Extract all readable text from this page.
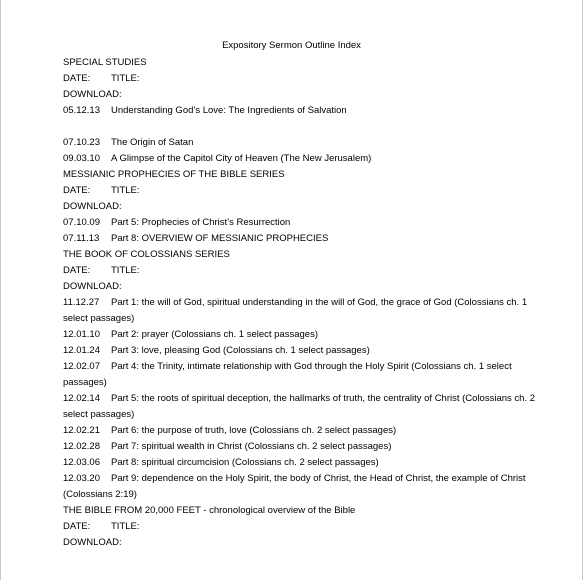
Expository Sermon Outline Index
SPECIAL STUDIES
DATE: TITLE:
DOWNLOAD:
05.12.13 Understanding God’s Love: The Ingredients of Salvation
07.10.23 The Origin of Satan
09.03.10 A Glimpse of the Capitol City of Heaven (The New Jerusalem)
MESSIANIC PROPHECIES OF THE BIBLE SERIES
DATE: TITLE:
DOWNLOAD:
07.10.09 Part 5: Prophecies of Christ’s Resurrection
07.11.13 Part 8: OVERVIEW OF MESSIANIC PROPHECIES
THE BOOK OF COLOSSIANS SERIES
DATE: TITLE:
DOWNLOAD:
11.12.27 Part 1: the will of God, spiritual understanding in the will of God, the grace of God (Colossians ch. 1 select passages)
12.01.10 Part 2: prayer (Colossians ch. 1 select passages)
12.01.24 Part 3: love, pleasing God (Colossians ch. 1 select passages)
12.02.07 Part 4: the Trinity, intimate relationship with God through the Holy Spirit (Colossians ch. 1 select passages)
12.02.14 Part 5: the roots of spiritual deception, the hallmarks of truth, the centrality of Christ (Colossians ch. 2 select passages)
12.02.21 Part 6: the purpose of truth, love (Colossians ch. 2 select passages)
12.02.28 Part 7: spiritual wealth in Christ (Colossians ch. 2 select passages)
12.03.06 Part 8: spiritual circumcision (Colossians ch. 2 select passages)
12.03.20 Part 9: dependence on the Holy Spirit, the body of Christ, the Head of Christ, the example of Christ (Colossians 2:19)
THE BIBLE FROM 20,000 FEET - chronological overview of the Bible
DATE: TITLE:
DOWNLOAD:
